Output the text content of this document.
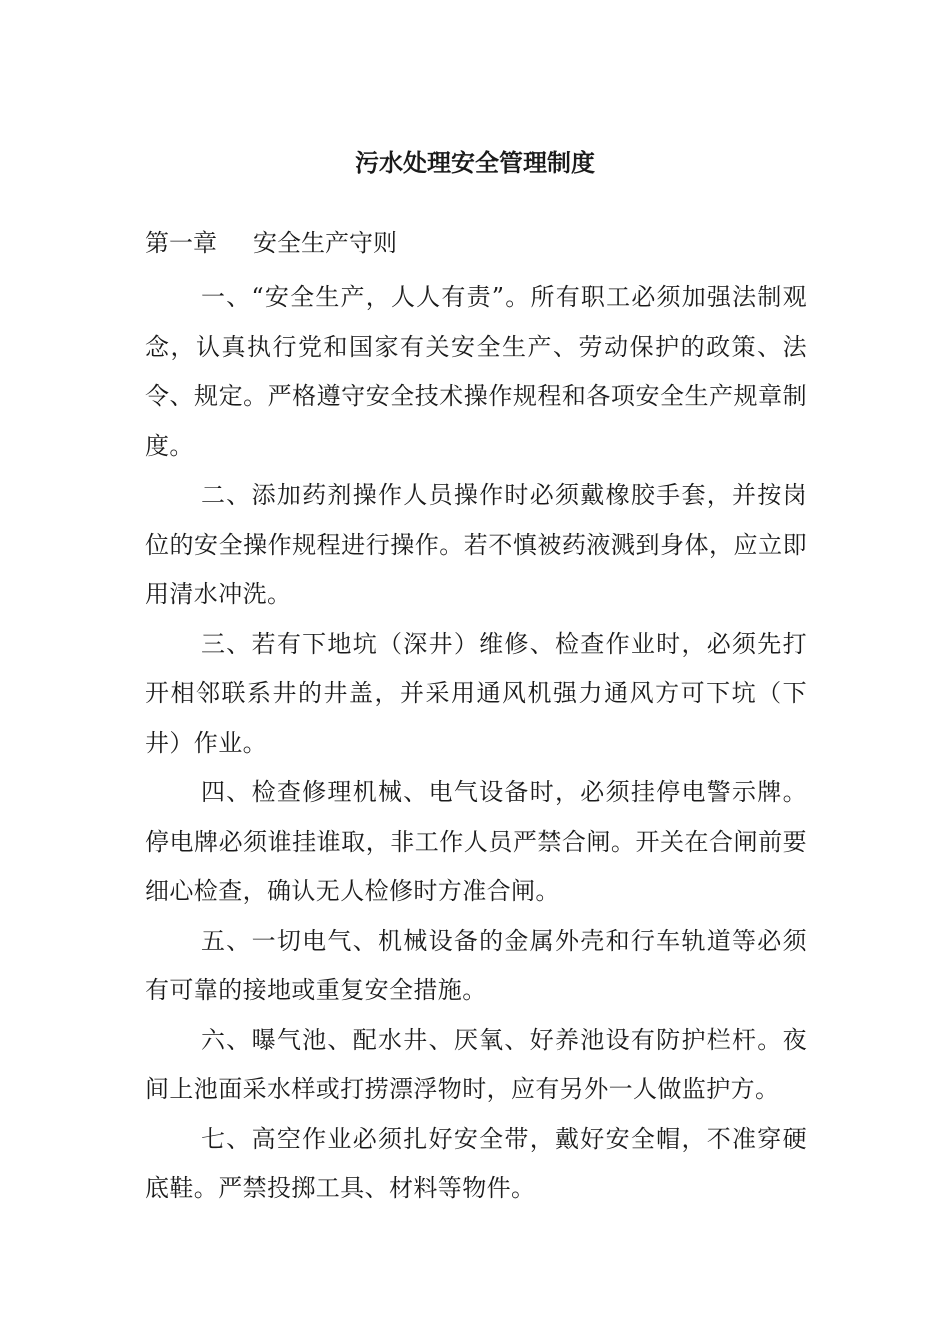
污水处理安全管理制度
第一章 安全生产守则

一、“安全生产，人人有责”。所有职工必须加强法制观念，认真执行党和国家有关安全生产、劳动保护的政策、法令、规定。严格遵守安全技术操作规程和各项安全生产规章制度。

二、添加药剂操作人员操作时必须戴橡胶手套，并按岗位的安全操作规程进行操作。若不慎被药液溅到身体，应立即用清水冲洗。

三、若有下地坑（深井）维修、检查作业时，必须先打开相邻联系井的井盖，并采用通风机强力通风方可下坑（下井）作业。

四、检查修理机械、电气设备时，必须挂停电警示牌。停电牌必须谁挂谁取，非工作人员严禁合闸。开关在合闸前要细心检查，确认无人检修时方准合闸。

五、一切电气、机械设备的金属外壳和行车轨道等必须有可靠的接地或重复安全措施。

六、曝气池、配水井、厌氧、好养池设有防护栏杆。夜间上池面采水样或打捞漂浮物时，应有另外一人做监护方。

七、高空作业必须扎好安全带，戴好安全帽，不准穿硬底鞋。严禁投掷工具、材料等物件。
